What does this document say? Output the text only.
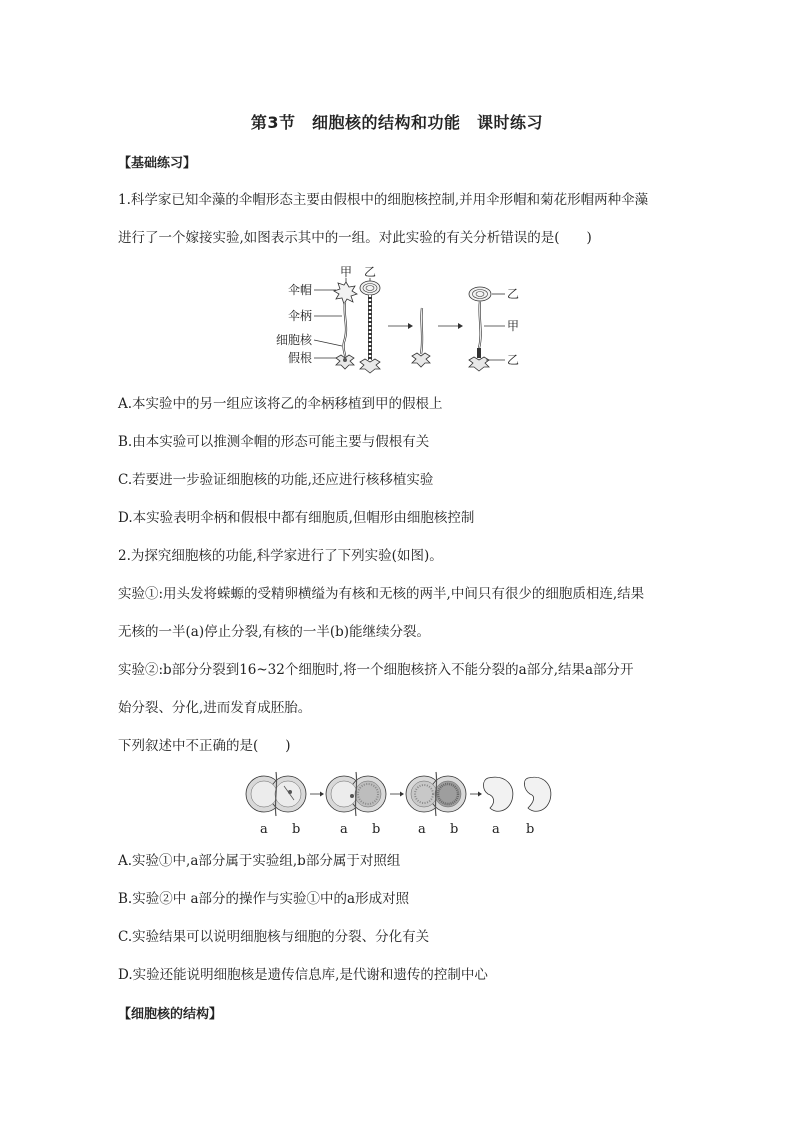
第3节　细胞核的结构和功能　课时练习
【基础练习】
1.科学家已知伞藻的伞帽形态主要由假根中的细胞核控制,并用伞形帽和菊花形帽两种伞藻
进行了一个嫁接实验,如图表示其中的一组。对此实验的有关分析错误的是(　　)
甲 乙
伞帽
伞柄
细胞核
假根
乙
甲
乙
A.本实验中的另一组应该将乙的伞柄移植到甲的假根上
B.由本实验可以推测伞帽的形态可能主要与假根有关
C.若要进一步验证细胞核的功能,还应进行核移植实验
D.本实验表明伞柄和假根中都有细胞质,但帽形由细胞核控制
2.为探究细胞核的功能,科学家进行了下列实验(如图)。
实验①:用头发将蝾螈的受精卵横缢为有核和无核的两半,中间只有很少的细胞质相连,结果
无核的一半(a)停止分裂,有核的一半(b)能继续分裂。
实验②:b部分分裂到16~32个细胞时,将一个细胞核挤入不能分裂的a部分,结果a部分开
始分裂、分化,进而发育成胚胎。
下列叙述中不正确的是(　　)
a b	a b	a b	a b
A.实验①中,a部分属于实验组,b部分属于对照组
B.实验②中 a部分的操作与实验①中的a形成对照
C.实验结果可以说明细胞核与细胞的分裂、分化有关
D.实验还能说明细胞核是遗传信息库,是代谢和遗传的控制中心
【细胞核的结构】
